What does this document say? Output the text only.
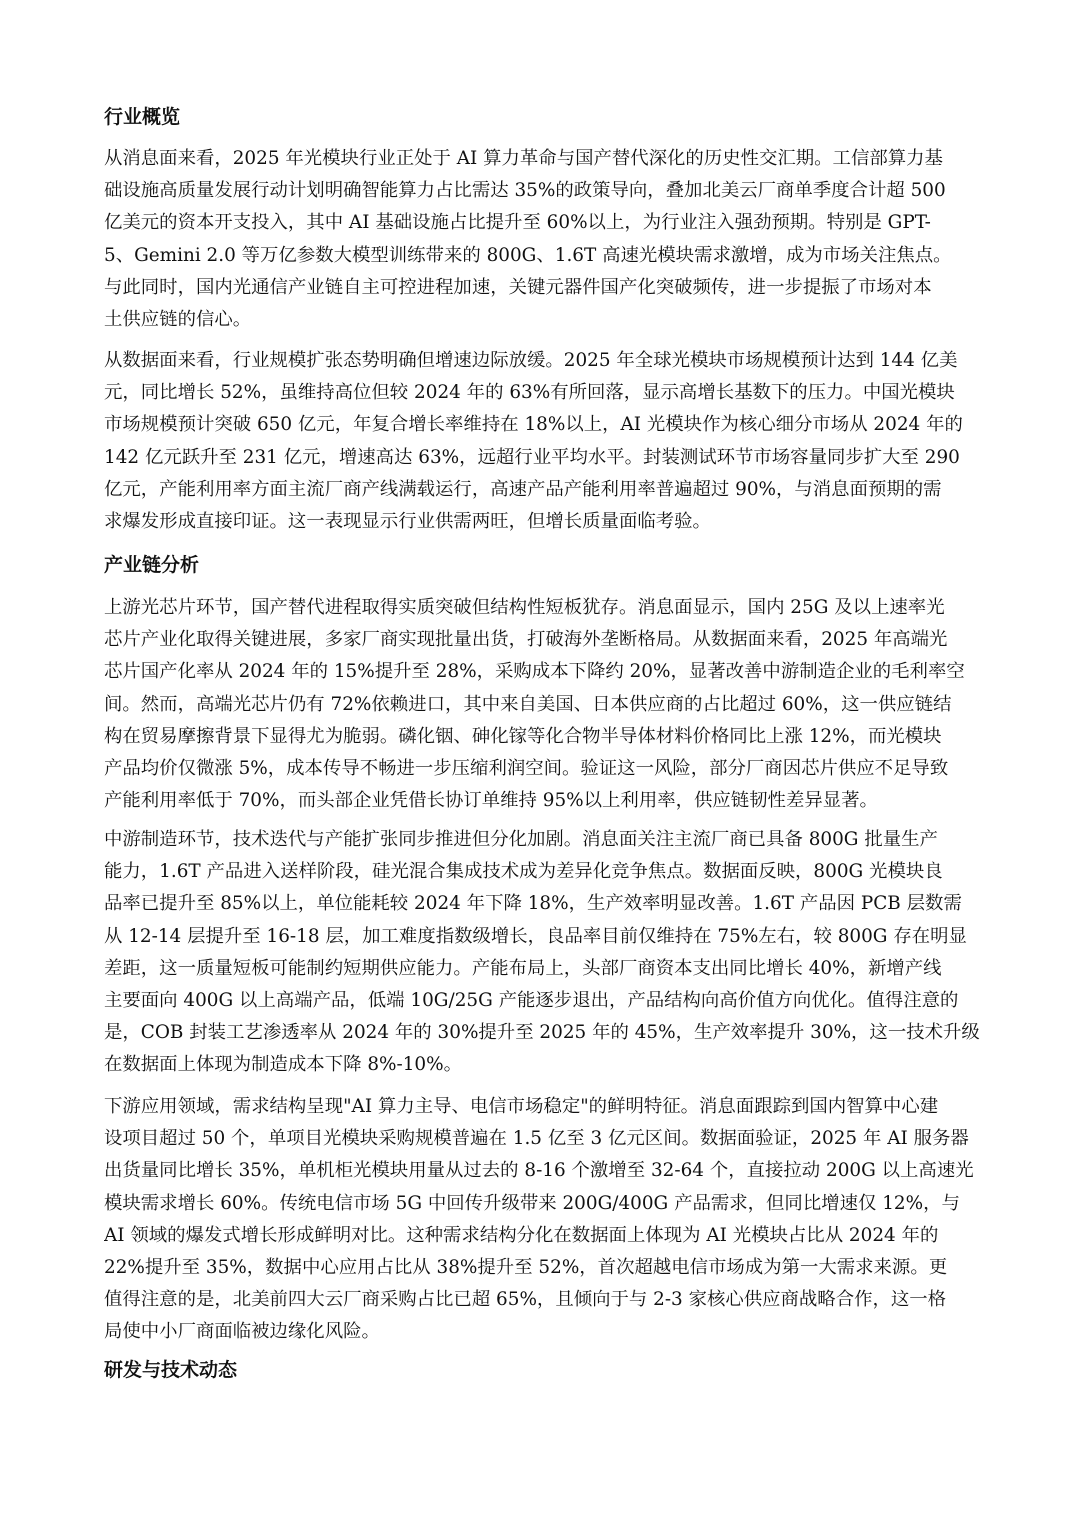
行业概览
从消息面来看，2025 年光模块行业正处于 AI 算力革命与国产替代深化的历史性交汇期。工信部算力基
础设施高质量发展行动计划明确智能算力占比需达 35%的政策导向，叠加北美云厂商单季度合计超 500
亿美元的资本开支投入，其中 AI 基础设施占比提升至 60%以上，为行业注入强劲预期。特别是 GPT-
5、Gemini 2.0 等万亿参数大模型训练带来的 800G、1.6T 高速光模块需求激增，成为市场关注焦点。
与此同时，国内光通信产业链自主可控进程加速，关键元器件国产化突破频传，进一步提振了市场对本
土供应链的信心。
从数据面来看，行业规模扩张态势明确但增速边际放缓。2025 年全球光模块市场规模预计达到 144 亿美
元，同比增长 52%，虽维持高位但较 2024 年的 63%有所回落，显示高增长基数下的压力。中国光模块
市场规模预计突破 650 亿元，年复合增长率维持在 18%以上，AI 光模块作为核心细分市场从 2024 年的
142 亿元跃升至 231 亿元，增速高达 63%，远超行业平均水平。封装测试环节市场容量同步扩大至 290
亿元，产能利用率方面主流厂商产线满载运行，高速产品产能利用率普遍超过 90%，与消息面预期的需
求爆发形成直接印证。这一表现显示行业供需两旺，但增长质量面临考验。
产业链分析
上游光芯片环节，国产替代进程取得实质突破但结构性短板犹存。消息面显示，国内 25G 及以上速率光
芯片产业化取得关键进展，多家厂商实现批量出货，打破海外垄断格局。从数据面来看，2025 年高端光
芯片国产化率从 2024 年的 15%提升至 28%，采购成本下降约 20%，显著改善中游制造企业的毛利率空
间。然而，高端光芯片仍有 72%依赖进口，其中来自美国、日本供应商的占比超过 60%，这一供应链结
构在贸易摩擦背景下显得尤为脆弱。磷化铟、砷化镓等化合物半导体材料价格同比上涨 12%，而光模块
产品均价仅微涨 5%，成本传导不畅进一步压缩利润空间。验证这一风险，部分厂商因芯片供应不足导致
产能利用率低于 70%，而头部企业凭借长协订单维持 95%以上利用率，供应链韧性差异显著。
中游制造环节，技术迭代与产能扩张同步推进但分化加剧。消息面关注主流厂商已具备 800G 批量生产
能力，1.6T 产品进入送样阶段，硅光混合集成技术成为差异化竞争焦点。数据面反映，800G 光模块良
品率已提升至 85%以上，单位能耗较 2024 年下降 18%，生产效率明显改善。1.6T 产品因 PCB 层数需
从 12-14 层提升至 16-18 层，加工难度指数级增长，良品率目前仅维持在 75%左右，较 800G 存在明显
差距，这一质量短板可能制约短期供应能力。产能布局上，头部厂商资本支出同比增长 40%，新增产线
主要面向 400G 以上高端产品，低端 10G/25G 产能逐步退出，产品结构向高价值方向优化。值得注意的
是，COB 封装工艺渗透率从 2024 年的 30%提升至 2025 年的 45%，生产效率提升 30%，这一技术升级
在数据面上体现为制造成本下降 8%-10%。
下游应用领域，需求结构呈现"AI 算力主导、电信市场稳定"的鲜明特征。消息面跟踪到国内智算中心建
设项目超过 50 个，单项目光模块采购规模普遍在 1.5 亿至 3 亿元区间。数据面验证，2025 年 AI 服务器
出货量同比增长 35%，单机柜光模块用量从过去的 8-16 个激增至 32-64 个，直接拉动 200G 以上高速光
模块需求增长 60%。传统电信市场 5G 中回传升级带来 200G/400G 产品需求，但同比增速仅 12%，与
AI 领域的爆发式增长形成鲜明对比。这种需求结构分化在数据面上体现为 AI 光模块占比从 2024 年的
22%提升至 35%，数据中心应用占比从 38%提升至 52%，首次超越电信市场成为第一大需求来源。更
值得注意的是，北美前四大云厂商采购占比已超 65%，且倾向于与 2-3 家核心供应商战略合作，这一格
局使中小厂商面临被边缘化风险。
研发与技术动态
